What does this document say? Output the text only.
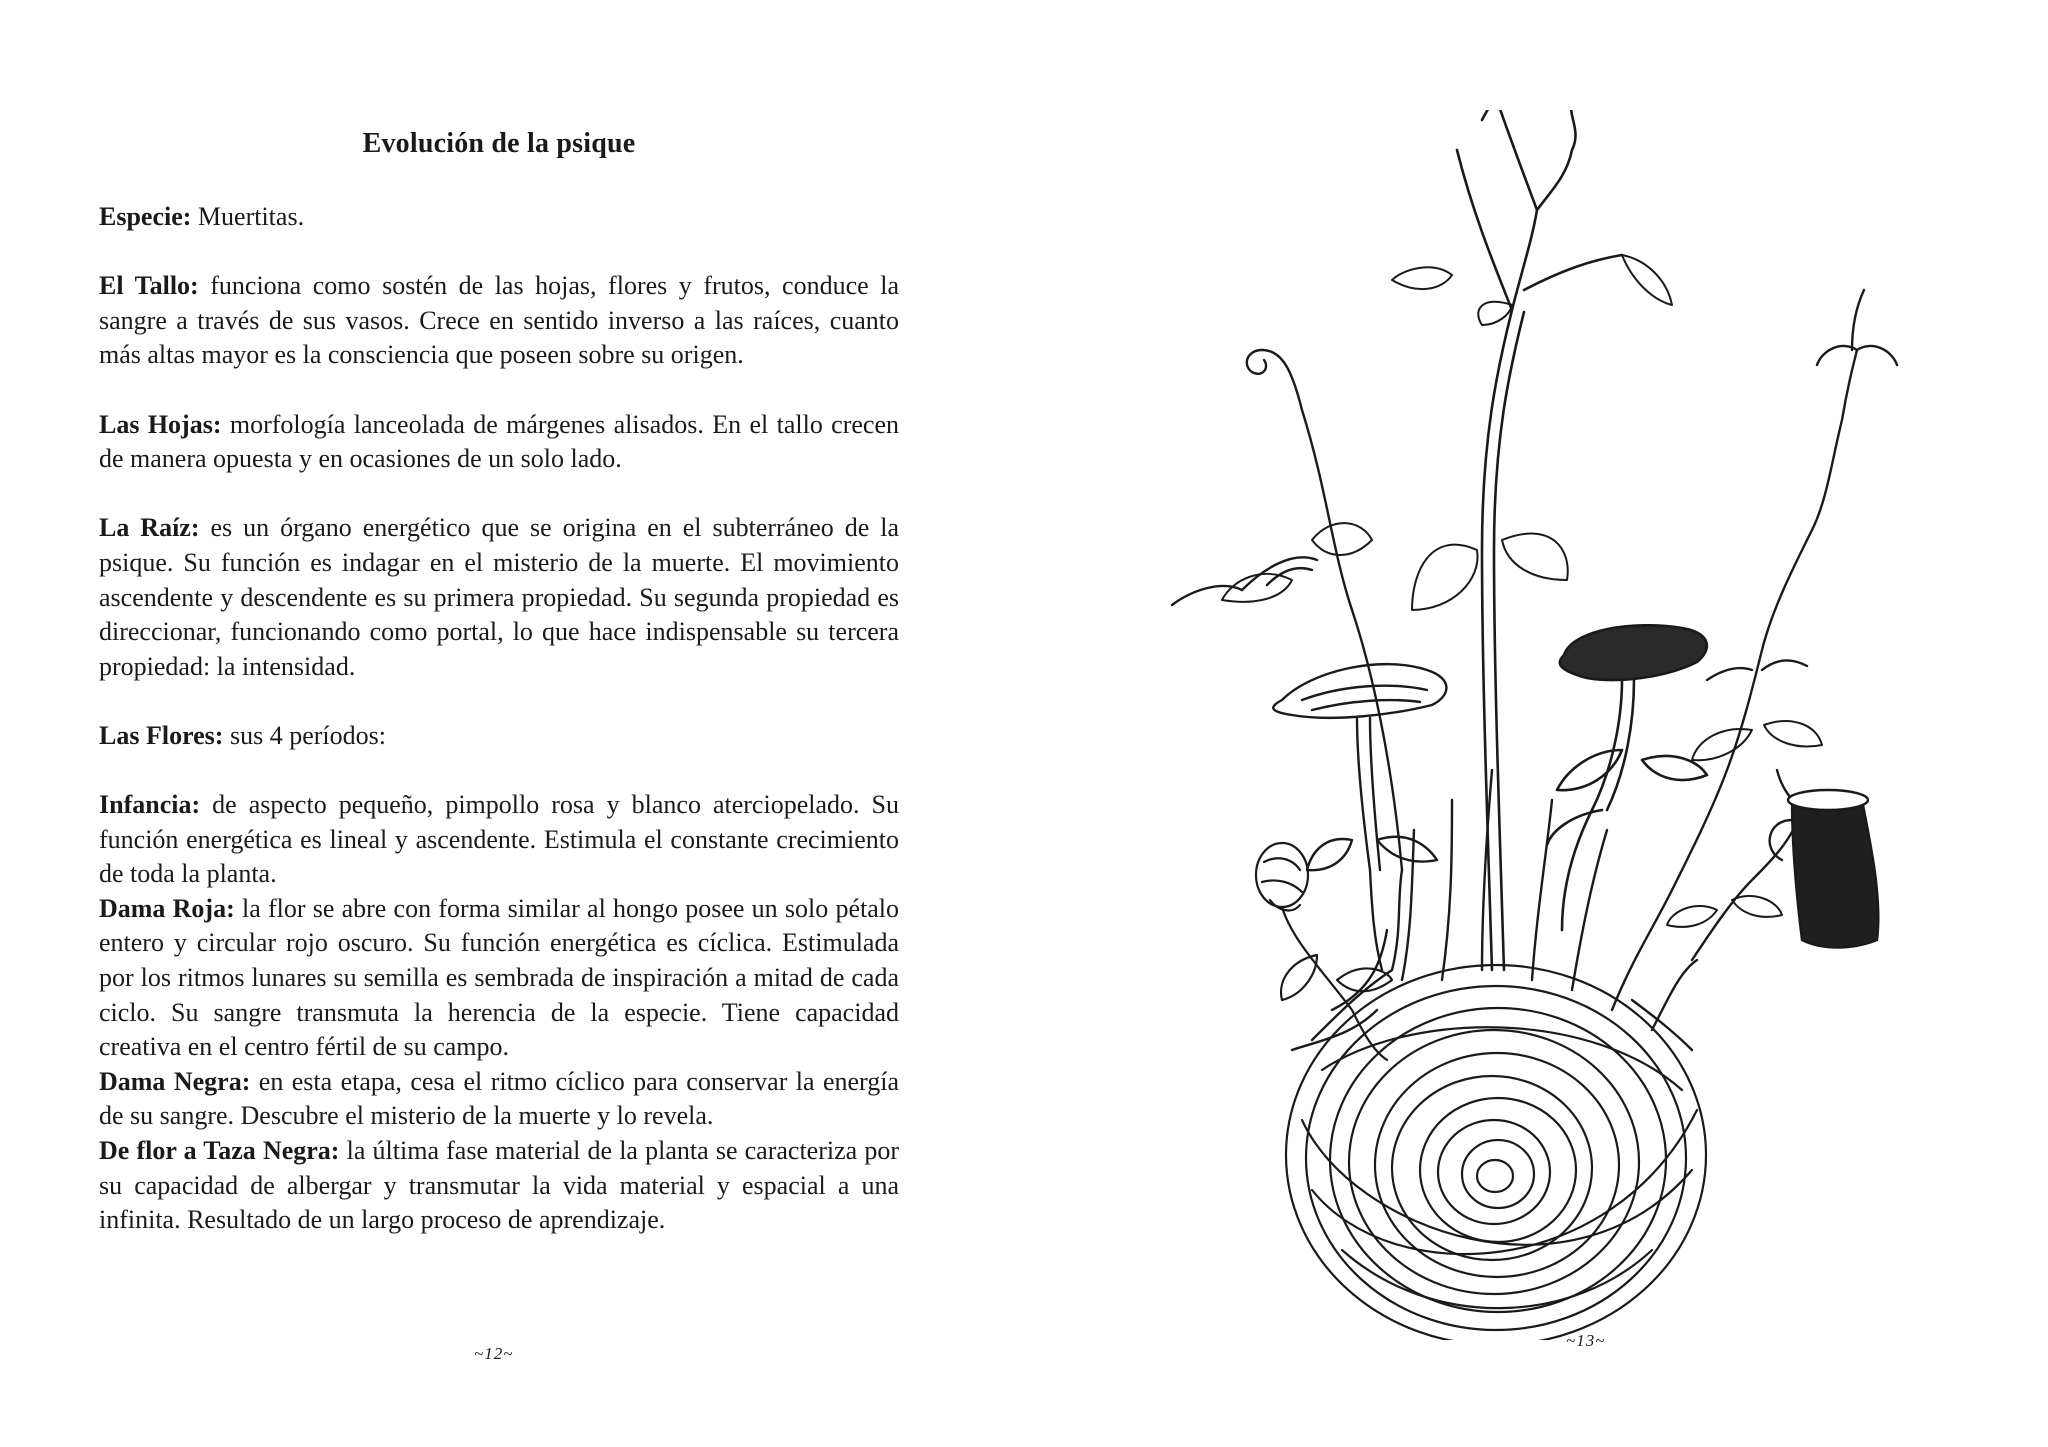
Evolución de la psique

Especie: Muertitas.

El Tallo: funciona como sostén de las hojas, flores y frutos, conduce la sangre a través de sus vasos. Crece en sentido inverso a las raíces, cuanto más altas mayor es la consciencia que poseen sobre su origen.

Las Hojas: morfología lanceolada de márgenes alisados. En el tallo crecen de manera opuesta y en ocasiones de un solo lado.

La Raíz: es un órgano energético que se origina en el subterráneo de la psique. Su función es indagar en el misterio de la muerte. El movimiento ascendente y descendente es su primera propiedad. Su segunda propiedad es direccionar, funcionando como portal, lo que hace indispensable su tercera propiedad: la intensidad.

Las Flores: sus 4 períodos:

Infancia: de aspecto pequeño, pimpollo rosa y blanco aterciopelado. Su función energética es lineal y ascendente. Estimula el constante crecimiento de toda la planta.

Dama Roja: la flor se abre con forma similar al hongo posee un solo pétalo entero y circular rojo oscuro. Su función energética es cíclica. Estimulada por los ritmos lunares su semilla es sembrada de inspiración a mitad de cada ciclo. Su sangre transmuta la herencia de la especie. Tiene capacidad creativa en el centro fértil de su campo.

Dama Negra: en esta etapa, cesa el ritmo cíclico para conservar la energía de su sangre. Descubre el misterio de la muerte y lo revela.

De flor a Taza Negra: la última fase material de la planta se caracteriza por su capacidad de albergar y transmutar la vida material y espacial a una infinita. Resultado de un largo proceso de aprendizaje.

~12~
~13~
